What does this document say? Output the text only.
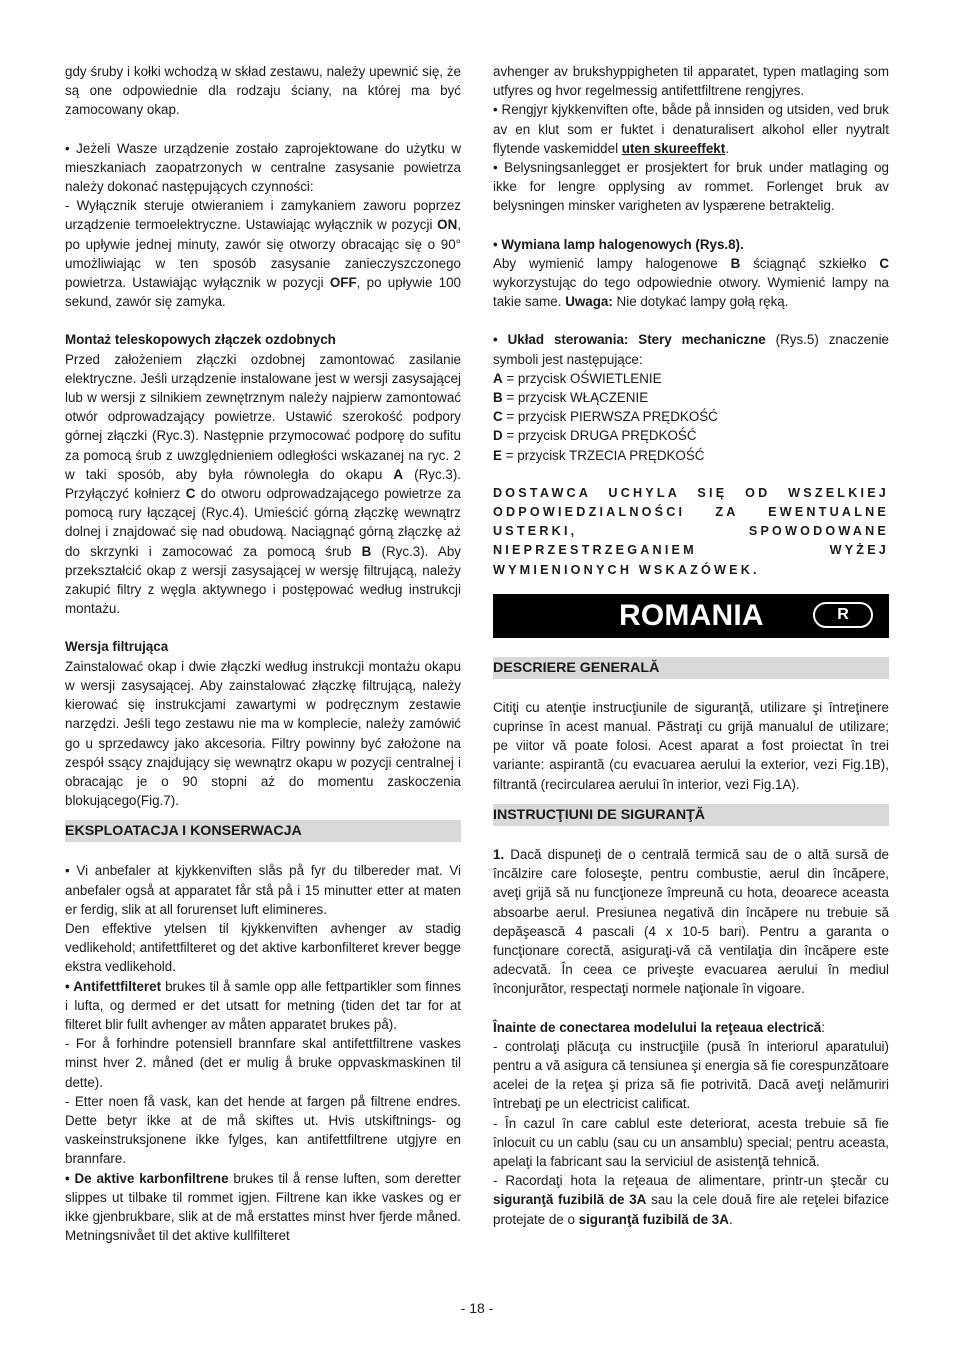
gdy śruby i kołki wchodzą w skład zestawu, należy upewnić się, że są one odpowiednie dla rodzaju ściany, na której ma być zamocowany okap.

• Jeżeli Wasze urządzenie zostało zaprojektowane do użytku w mieszkaniach zaopatrzonych w centralne zasysanie powietrza należy dokonać następujących czynności:

- Wyłącznik steruje otwieraniem i zamykaniem zaworu poprzez urządzenie termoelektryczne. Ustawiając wyłącznik w pozycji ON, po upływie jednej minuty, zawór się otworzy obracając się o 90° umożliwiając w ten sposób zasysanie zanieczyszczonego powietrza. Ustawiając wyłącznik w pozycji OFF, po upływie 100 sekund, zawór się zamyka.

Montaż teleskopowych złączek ozdobnych

Przed założeniem złączki ozdobnej zamontować zasilanie elektryczne. Jeśli urządzenie instalowane jest w wersji zasysającej lub w wersji z silnikiem zewnętrznym należy najpierw zamontować otwór odprowadzający powietrze. Ustawić szerokość podpory górnej złączki (Ryc.3). Następnie przymocować podporę do sufitu za pomocą śrub z uwzględnieniem odległości wskazanej na ryc. 2 w taki sposób, aby była równoległa do okapu A (Ryc.3). Przyłączyć kołnierz C do otworu odprowadzającego powietrze za pomocą rury łączącej (Ryc.4). Umieścić górną złączkę wewnątrz dolnej i znajdować się nad obudową. Naciągnąć górną złączkę aż do skrzynki i zamocować za pomocą śrub B (Ryc.3). Aby przekształcić okap z wersji zasysającej w wersję filtrującą, należy zakupić filtry z węgla aktywnego i postępować według instrukcji montażu.

Wersja filtrująca

Zainstalować okap i dwie złączki według instrukcji montażu okapu w wersji zasysającej. Aby zainstalować złączkę filtrującą, należy kierować się instrukcjami zawartymi w podręcznym zestawie narzędzi. Jeśli tego zestawu nie ma w komplecie, należy zamówić go u sprzedawcy jako akcesoria. Filtry powinny być założone na zespół ssący znajdujący się wewnątrz okapu w pozycji centralnej i obracając je o 90 stopni aż do momentu zaskoczenia blokującego(Fig.7).

EKSPLOATACJA I KONSERWACJA

• Vi anbefaler at kjykkenviften slås på fyr du tilbereder mat. Vi anbefaler også at apparatet får stå på i 15 minutter etter at maten er ferdig, slik at all forurenset luft elimineres.

Den effektive ytelsen til kjykkenviften avhenger av stadig vedlikehold; antifettfilteret og det aktive karbonfilteret krever begge ekstra vedlikehold.

• Antifettfilteret brukes til å samle opp alle fettpartikler som finnes i lufta, og dermed er det utsatt for metning (tiden det tar for at filteret blir fullt avhenger av måten apparatet brukes på).

- For å forhindre potensiell brannfare skal antifettfiltrene vaskes minst hver 2. måned (det er mulig å bruke oppvaskmaskinen til dette).

- Etter noen få vask, kan det hende at fargen på filtrene endres. Dette betyr ikke at de må skiftes ut. Hvis utskiftnings- og vaskeinstruksjonene ikke fylges, kan antifettfiltrene utgjyre en brannfare.

• De aktive karbonfiltrene brukes til å rense luften, som deretter slippes ut tilbake til rommet igjen. Filtrene kan ikke vaskes og er ikke gjenbrukbare, slik at de må erstattes minst hver fjerde måned. Metningsnivået til det aktive kullfilteret

avhenger av brukshyppigheten til apparatet, typen matlaging som utfyres og hvor regelmessig antifettfiltrene rengjyres.

• Rengjyr kjykkenviften ofte, både på innsiden og utsiden, ved bruk av en klut som er fuktet i denaturalisert alkohol eller nyytralt flytende vaskemiddel uten skureeffekt.

• Belysningsanlegget er prosjektert for bruk under matlaging og ikke for lengre opplysing av rommet. Forlenget bruk av belysningen minsker varigheten av lyspærene betraktelig.

• Wymiana lamp halogenowych (Rys.8).

Aby wymienić lampy halogenowe B ściągnąć szkiełko C wykorzystując do tego odpowiednie otwory. Wymienić lampy na takie same. Uwaga: Nie dotykać lampy gołą ręką.

• Układ sterowania: Stery mechaniczne (Rys.5) znaczenie symboli jest następujące:

A = przycisk OŚWIETLENIE

B = przycisk WŁĄCZENIE

C = przycisk PIERWSZA PRĘDKOŚĆ

D = przycisk DRUGA PRĘDKOŚĆ

E = przycisk TRZECIA PRĘDKOŚĆ

DOSTAWCA UCHYLA SIĘ OD WSZELKIEJ ODPOWIEDZIALNOŚCI ZA EWENTUALNE USTERKI, SPOWODOWANE NIEPRZESTRZEGANIEM WYŻEJ WYMIENIONYCH WSKAZÓWEK.

ROMANIA	R
DESCRIERE GENERALĂ

Citiţi cu atenţie instrucţiunile de siguranţă, utilizare şi întreţinere cuprinse în acest manual. Păstraţi cu grijă manualul de utilizare; pe viitor vă poate folosi. Acest aparat a fost proiectat în trei variante: aspirantă (cu evacuarea aerului la exterior, vezi Fig.1B), filtrantă (recircularea aerului în interior, vezi Fig.1A).

INSTRUCŢIUNI DE SIGURANŢĂ

1. Dacă dispuneţi de o centrală termică sau de o altă sursă de încălzire care foloseşte, pentru combustie, aerul din încăpere, aveţi grijă să nu funcţioneze împreună cu hota, deoarece aceasta absoarbe aerul. Presiunea negativă din încăpere nu trebuie să depăşească 4 pascali (4 x 10-5 bari). Pentru a garanta o funcţionare corectă, asiguraţi-vă că ventilaţia din încăpere este adecvată. În ceea ce priveşte evacuarea aerului în mediul înconjurător, respectaţi normele naţionale în vigoare.

Înainte de conectarea modelului la reţeaua electrică:

- controlaţi plăcuţa cu instrucţiile (pusă în interiorul aparatului) pentru a vă asigura că tensiunea şi energia să fie corespunzătoare acelei de la reţea şi priza să fie potrivită. Dacă aveţi nelămuriri întrebaţi pe un electricist calificat.

- În cazul în care cablul este deteriorat, acesta trebuie să fie înlocuit cu un cablu (sau cu un ansamblu) special; pentru aceasta, apelaţi la fabricant sau la serviciul de asistenţă tehnică.

- Racordaţi hota la reţeaua de alimentare, printr-un ştecăr cu siguranţă fuzibilă de 3A sau la cele două fire ale reţelei bifazice protejate de o siguranţă fuzibilă de 3A.

- 18 -
